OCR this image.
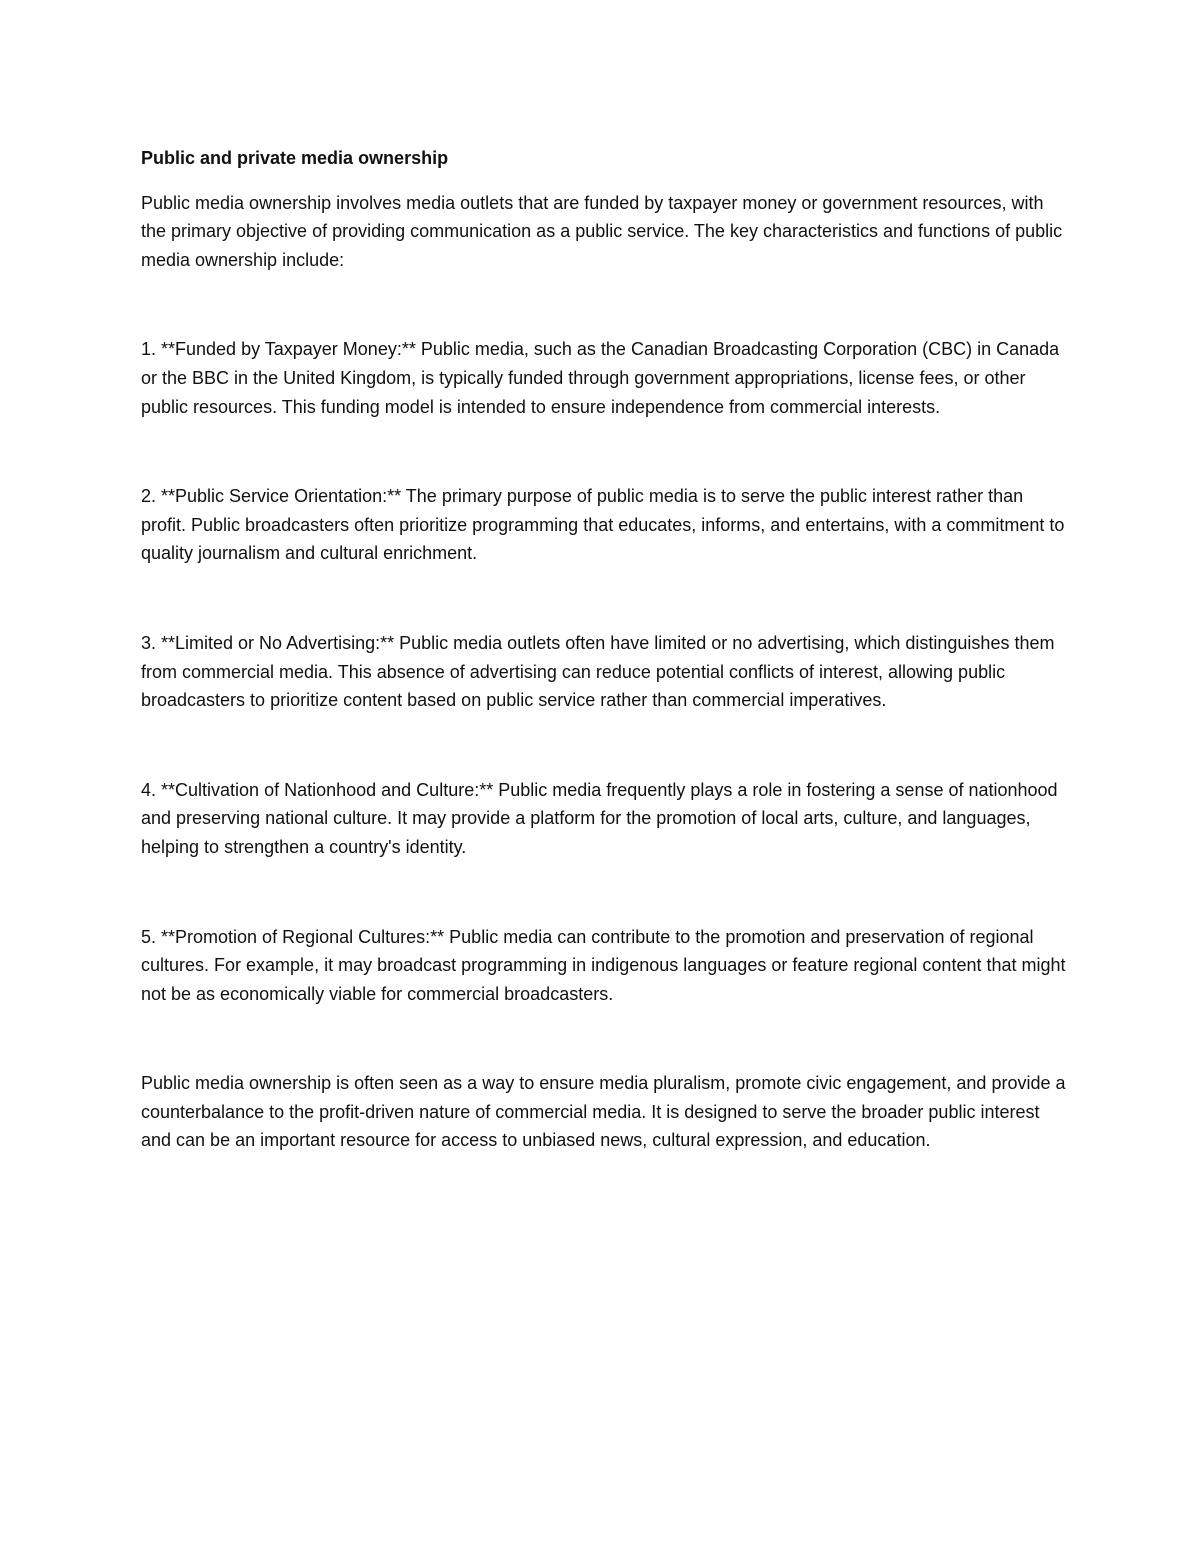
Public and private media ownership

Public media ownership involves media outlets that are funded by taxpayer money or government resources, with the primary objective of providing communication as a public service. The key characteristics and functions of public media ownership include:

1. **Funded by Taxpayer Money:** Public media, such as the Canadian Broadcasting Corporation (CBC) in Canada or the BBC in the United Kingdom, is typically funded through government appropriations, license fees, or other public resources. This funding model is intended to ensure independence from commercial interests.

2. **Public Service Orientation:** The primary purpose of public media is to serve the public interest rather than profit. Public broadcasters often prioritize programming that educates, informs, and entertains, with a commitment to quality journalism and cultural enrichment.

3. **Limited or No Advertising:** Public media outlets often have limited or no advertising, which distinguishes them from commercial media. This absence of advertising can reduce potential conflicts of interest, allowing public broadcasters to prioritize content based on public service rather than commercial imperatives.

4. **Cultivation of Nationhood and Culture:** Public media frequently plays a role in fostering a sense of nationhood and preserving national culture. It may provide a platform for the promotion of local arts, culture, and languages, helping to strengthen a country's identity.

5. **Promotion of Regional Cultures:** Public media can contribute to the promotion and preservation of regional cultures. For example, it may broadcast programming in indigenous languages or feature regional content that might not be as economically viable for commercial broadcasters.

Public media ownership is often seen as a way to ensure media pluralism, promote civic engagement, and provide a counterbalance to the profit-driven nature of commercial media. It is designed to serve the broader public interest and can be an important resource for access to unbiased news, cultural expression, and education.
